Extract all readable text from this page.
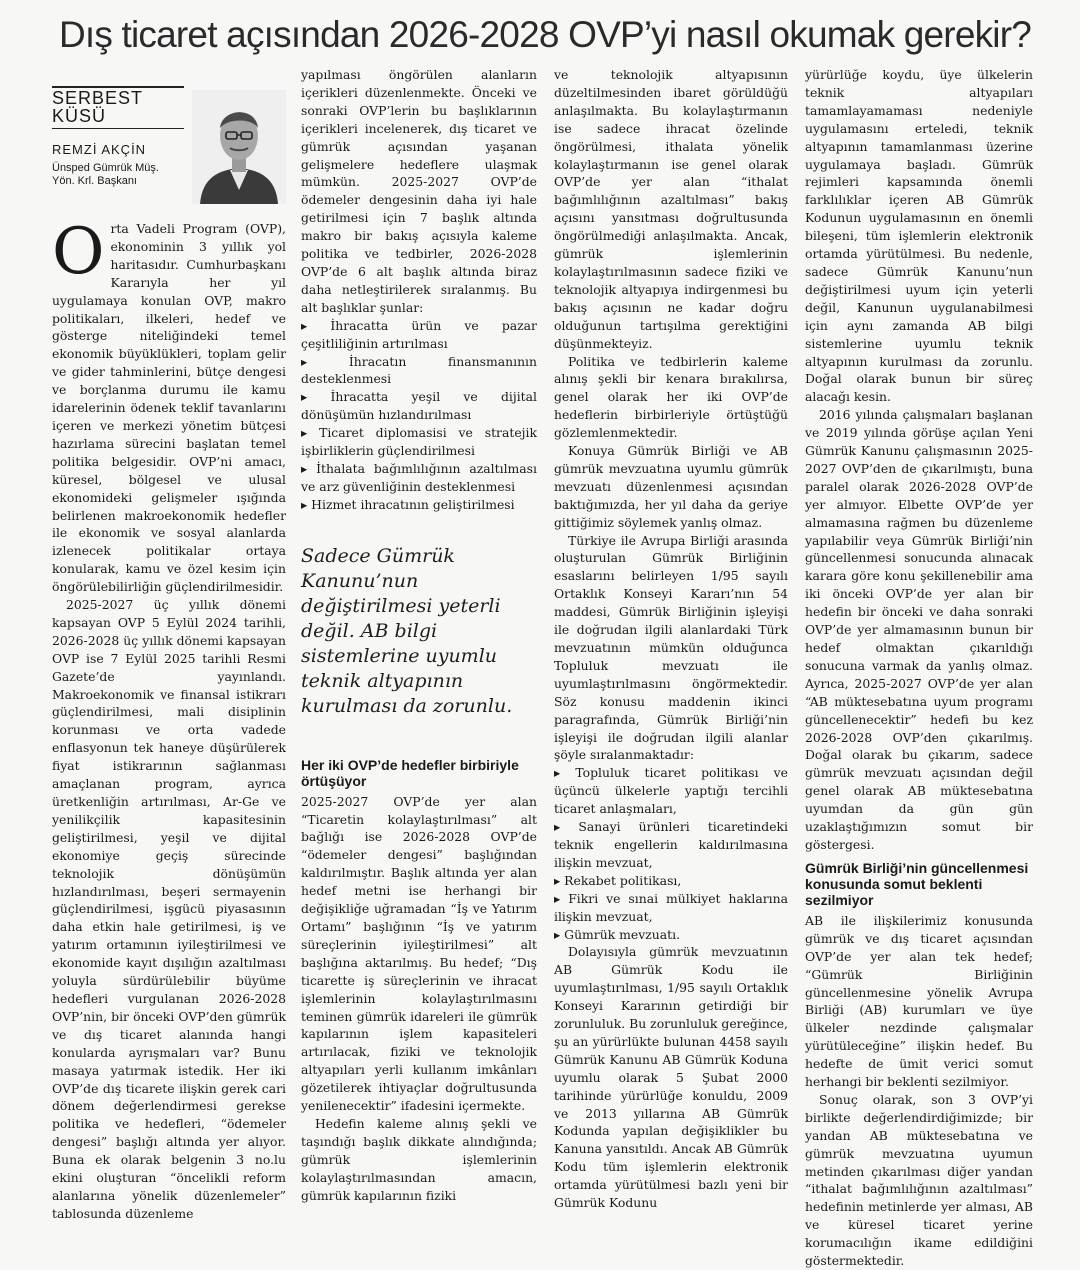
Dış ticaret açısından 2026-2028 OVP’yi nasıl okumak gerekir?
SERBEST KÜSÜ
REMZİ AKÇİN
Ünsped Gümrük Müş.
Yön. Krl. Başkanı

Orta Vadeli Program (OVP), ekonominin 3 yıllık yol haritasıdır. Cumhurbaşkanı Kararıyla her yıl uygulamaya konulan OVP, makro politikaları, ilkeleri, hedef ve gösterge niteliğindeki temel ekonomik büyüklükleri, toplam gelir ve gider tahminlerini, bütçe dengesi ve borçlanma durumu ile kamu idarelerinin ödenek teklif tavanlarını içeren ve merkezi yönetim bütçesi hazırlama sürecini başlatan temel politika belgesidir. OVP’ni amacı, küresel, bölgesel ve ulusal ekonomideki gelişmeler ışığında belirlenen makroekonomik hedefler ile ekonomik ve sosyal alanlarda izlenecek politikalar ortaya konularak, kamu ve özel kesim için öngörülebilirliğin güçlendirilmesidir.

2025-2027 üç yıllık dönemi kapsayan OVP 5 Eylül 2024 tarihli, 2026-2028 üç yıllık dönemi kapsayan OVP ise 7 Eylül 2025 tarihli Resmi Gazete’de yayınlandı. Makroekonomik ve finansal istikrarı güçlendirilmesi, mali disiplinin korunması ve orta vadede enflasyonun tek haneye düşürülerek fiyat istikrarının sağlanması amaçlanan program, ayrıca üretkenliğin artırılması, Ar-Ge ve yenilikçilik kapasitesinin geliştirilmesi, yeşil ve dijital ekonomiye geçiş sürecinde teknolojik dönüşümün hızlandırılması, beşeri sermayenin güçlendirilmesi, işgücü piyasasının daha etkin hale getirilmesi, iş ve yatırım ortamının iyileştirilmesi ve ekonomide kayıt dışılığın azaltılması yoluyla sürdürülebilir büyüme hedefleri vurgulanan 2026-2028 OVP’nin, bir önceki OVP’den gümrük ve dış ticaret alanında hangi konularda ayrışmaları var? Bunu masaya yatırmak istedik. Her iki OVP’de dış ticarete ilişkin gerek cari dönem değerlendirmesi gerekse politika ve hedefleri, “ödemeler dengesi” başlığı altında yer alıyor. Buna ek olarak belgenin 3 no.lu ekini oluşturan “öncelikli reform alanlarına yönelik düzenlemeler” tablosunda düzenleme

yapılması öngörülen alanların içerikleri düzenlenmekte. Önceki ve sonraki OVP’lerin bu başlıklarının içerikleri incelenerek, dış ticaret ve gümrük açısından yaşanan gelişmelere hedeflere ulaşmak mümkün. 2025-2027 OVP’de ödemeler dengesinin daha iyi hale getirilmesi için 7 başlık altında makro bir bakış açısıyla kaleme politika ve tedbirler, 2026-2028 OVP’de 6 alt başlık altında biraz daha netleştirilerek sıralanmış. Bu alt başlıklar şunlar:

▸ İhracatta ürün ve pazar çeşitliliğinin artırılması

▸ İhracatın finansmanının desteklenmesi

▸ İhracatta yeşil ve dijital dönüşümün hızlandırılması

▸ Ticaret diplomasisi ve stratejik işbirliklerin güçlendirilmesi

▸ İthalata bağımlılığının azaltılması ve arz güvenliğinin desteklenmesi

▸ Hizmet ihracatının geliştirilmesi

Sadece Gümrük Kanunu’nun değiştirilmesi yeterli değil. AB bilgi sistemlerine uyumlu teknik altyapının kurulması da zorunlu.
Her iki OVP’de hedefler birbiriyle örtüşüyor

2025-2027 OVP’de yer alan “Ticaretin kolaylaştırılması” alt bağlığı ise 2026-2028 OVP’de “ödemeler dengesi” başlığından kaldırılmıştır. Başlık altında yer alan hedef metni ise herhangi bir değişikliğe uğramadan “İş ve Yatırım Ortamı” başlığının “İş ve yatırım süreçlerinin iyileştirilmesi” alt başlığına aktarılmış. Bu hedef; “Dış ticarette iş süreçlerinin ve ihracat işlemlerinin kolaylaştırılmasını teminen gümrük idareleri ile gümrük kapılarının işlem kapasiteleri artırılacak, fiziki ve teknolojik altyapıları yerli kullanım imkânları gözetilerek ihtiyaçlar doğrultusunda yenilenecektir” ifadesini içermekte.

Hedefin kaleme alınış şekli ve taşındığı başlık dikkate alındığında; gümrük işlemlerinin kolaylaştırılmasından amacın, gümrük kapılarının fiziki

ve teknolojik altyapısının düzeltilmesinden ibaret görüldüğü anlaşılmakta. Bu kolaylaştırmanın ise sadece ihracat özelinde öngörülmesi, ithalata yönelik kolaylaştırmanın ise genel olarak OVP’de yer alan “ithalat bağımlılığının azaltılması” bakış açısını yansıtması doğrultusunda öngörülmediği anlaşılmakta. Ancak, gümrük işlemlerinin kolaylaştırılmasının sadece fiziki ve teknolojik altyapıya indirgenmesi bu bakış açısının ne kadar doğru olduğunun tartışılma gerektiğini düşünmekteyiz.

Politika ve tedbirlerin kaleme alınış şekli bir kenara bırakılırsa, genel olarak her iki OVP’de hedeflerin birbirleriyle örtüştüğü gözlemlenmektedir.

Konuya Gümrük Birliği ve AB gümrük mevzuatına uyumlu gümrük mevzuatı düzenlenmesi açısından baktığımızda, her yıl daha da geriye gittiğimiz söylemek yanlış olmaz.

Türkiye ile Avrupa Birliği arasında oluşturulan Gümrük Birliğinin esaslarını belirleyen 1/95 sayılı Ortaklık Konseyi Kararı’nın 54 maddesi, Gümrük Birliğinin işleyişi ile doğrudan ilgili alanlardaki Türk mevzuatının mümkün olduğunca Topluluk mevzuatı ile uyumlaştırılmasını öngörmektedir. Söz konusu maddenin ikinci paragrafında, Gümrük Birliği’nin işleyişi ile doğrudan ilgili alanlar şöyle sıralanmaktadır:

▸ Topluluk ticaret politikası ve üçüncü ülkelerle yaptığı tercihli ticaret anlaşmaları,

▸ Sanayi ürünleri ticaretindeki teknik engellerin kaldırılmasına ilişkin mevzuat,

▸ Rekabet politikası,

▸ Fikri ve sınai mülkiyet haklarına ilişkin mevzuat,

▸ Gümrük mevzuatı.

Dolayısıyla gümrük mevzuatının AB Gümrük Kodu ile uyumlaştırılması, 1/95 sayılı Ortaklık Konseyi Kararının getirdiği bir zorunluluk. Bu zorunluluk gereğince, şu an yürürlükte bulunan 4458 sayılı Gümrük Kanunu AB Gümrük Koduna uyumlu olarak 5 Şubat 2000 tarihinde yürürlüğe konuldu, 2009 ve 2013 yıllarına AB Gümrük Kodunda yapılan değişiklikler bu Kanuna yansıtıldı. Ancak AB Gümrük Kodu tüm işlemlerin elektronik ortamda yürütülmesi bazlı yeni bir Gümrük Kodunu

yürürlüğe koydu, üye ülkelerin teknik altyapıları tamamlayamaması nedeniyle uygulamasını erteledi, teknik altyapının tamamlanması üzerine uygulamaya başladı. Gümrük rejimleri kapsamında önemli farklılıklar içeren AB Gümrük Kodunun uygulamasının en önemli bileşeni, tüm işlemlerin elektronik ortamda yürütülmesi. Bu nedenle, sadece Gümrük Kanunu’nun değiştirilmesi uyum için yeterli değil, Kanunun uygulanabilmesi için aynı zamanda AB bilgi sistemlerine uyumlu teknik altyapının kurulması da zorunlu. Doğal olarak bunun bir süreç alacağı kesin.

2016 yılında çalışmaları başlanan ve 2019 yılında görüşe açılan Yeni Gümrük Kanunu çalışmasının 2025-2027 OVP’den de çıkarılmıştı, buna paralel olarak 2026-2028 OVP’de yer almıyor. Elbette OVP’de yer almamasına rağmen bu düzenleme yapılabilir veya Gümrük Birliği’nin güncellenmesi sonucunda alınacak karara göre konu şekillenebilir ama iki önceki OVP’de yer alan bir hedefin bir önceki ve daha sonraki OVP’de yer almamasının bunun bir hedef olmaktan çıkarıldığı sonucuna varmak da yanlış olmaz. Ayrıca, 2025-2027 OVP’de yer alan “AB müktesebatına uyum programı güncellenecektir” hedefi bu kez 2026-2028 OVP’den çıkarılmış. Doğal olarak bu çıkarım, sadece gümrük mevzuatı açısından değil genel olarak AB müktesebatına uyumdan da gün gün uzaklaştığımızın somut bir göstergesi.

Gümrük Birliği’nin güncellenmesi konusunda somut beklenti sezilmiyor

AB ile ilişkilerimiz konusunda gümrük ve dış ticaret açısından OVP’de yer alan tek hedef; “Gümrük Birliğinin güncellenmesine yönelik Avrupa Birliği (AB) kurumları ve üye ülkeler nezdinde çalışmalar yürütüleceğine” ilişkin hedef. Bu hedefte de ümit verici somut herhangi bir beklenti sezilmiyor.

Sonuç olarak, son 3 OVP’yi birlikte değerlendirdiğimizde; bir yandan AB müktesebatına ve gümrük mevzuatına uyumun metinden çıkarılması diğer yandan “ithalat bağımlılığının azaltılması” hedefinin metinlerde yer alması, AB ve küresel ticaret yerine korumacılığın ikame edildiğini göstermektedir.
